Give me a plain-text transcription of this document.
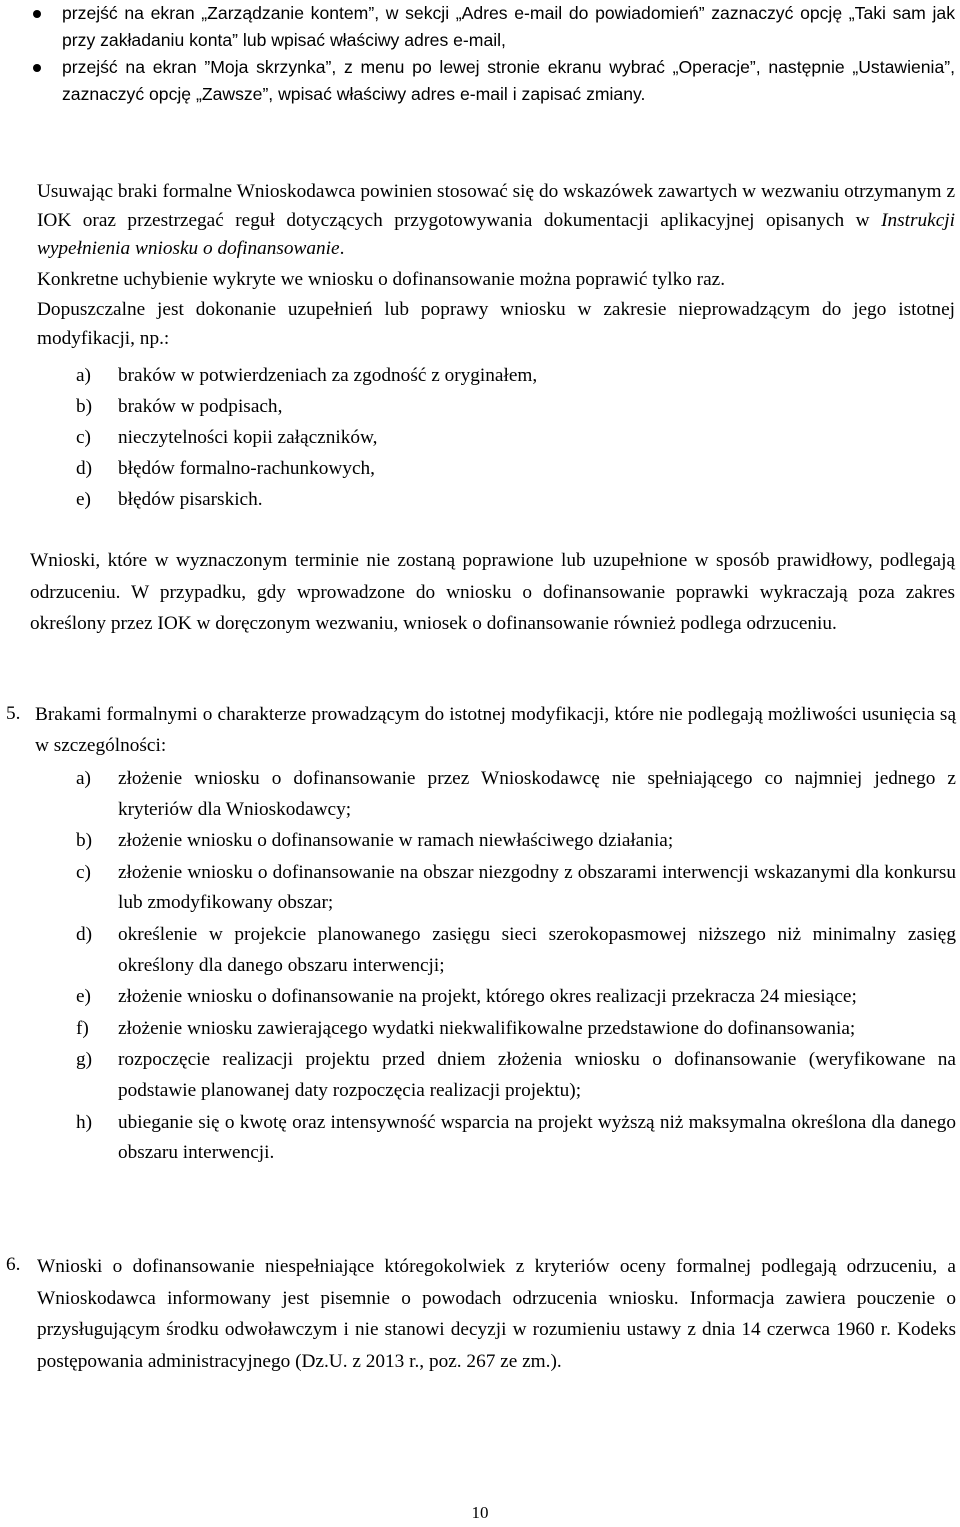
przejść na ekran „Zarządzanie kontem”, w sekcji „Adres e-mail do powiadomień” zaznaczyć opcję „Taki sam jak przy zakładaniu konta” lub wpisać właściwy adres e-mail,
przejść na ekran ”Moja skrzynka”, z menu po lewej stronie ekranu wybrać „Operacje”, następnie „Ustawienia”, zaznaczyć opcję „Zawsze”, wpisać właściwy adres e-mail i zapisać zmiany.
Usuwając braki formalne Wnioskodawca powinien stosować się do wskazówek zawartych w wezwaniu otrzymanym z IOK oraz przestrzegać reguł dotyczących przygotowywania dokumentacji aplikacyjnej opisanych w Instrukcji wypełnienia wniosku o dofinansowanie.
Konkretne uchybienie wykryte we wniosku o dofinansowanie można poprawić tylko raz.
Dopuszczalne jest dokonanie uzupełnień lub poprawy wniosku w zakresie nieprowadzącym do jego istotnej modyfikacji, np.:
a) braków w potwierdzeniach za zgodność z oryginałem,
b) braków w podpisach,
c) nieczytelności kopii załączników,
d) błędów formalno-rachunkowych,
e) błędów pisarskich.
Wnioski, które w wyznaczonym terminie nie zostaną poprawione lub uzupełnione w sposób prawidłowy, podlegają odrzuceniu. W przypadku, gdy wprowadzone do wniosku o dofinansowanie poprawki wykraczają poza zakres określony przez IOK w doręczonym wezwaniu, wniosek o dofinansowanie również podlega odrzuceniu.
5. Brakami formalnymi o charakterze prowadzącym do istotnej modyfikacji, które nie podlegają możliwości usunięcia są w szczególności:
a) złożenie wniosku o dofinansowanie przez Wnioskodawcę nie spełniającego co najmniej jednego z kryteriów dla Wnioskodawcy;
b) złożenie wniosku o dofinansowanie w ramach niewłaściwego działania;
c) złożenie wniosku o dofinansowanie na obszar niezgodny z obszarami interwencji wskazanymi dla konkursu lub zmodyfikowany obszar;
d) określenie w projekcie planowanego zasięgu sieci szerokopasmowej niższego niż minimalny zasięg określony dla danego obszaru interwencji;
e) złożenie wniosku o dofinansowanie na projekt, którego okres realizacji przekracza 24 miesiące;
f) złożenie wniosku zawierającego wydatki niekwalifikowalne przedstawione do dofinansowania;
g) rozpoczęcie realizacji projektu przed dniem złożenia wniosku o dofinansowanie (weryfikowane na podstawie planowanej daty rozpoczęcia realizacji projektu);
h) ubieganie się o kwotę oraz intensywność wsparcia na projekt wyższą niż maksymalna określona dla danego obszaru interwencji.
6. Wnioski o dofinansowanie niespełniające któregokolwiek z kryteriów oceny formalnej podlegają odrzuceniu, a Wnioskodawca informowany jest pisemnie o powodach odrzucenia wniosku. Informacja zawiera pouczenie o przysługującym środku odwoławczym i nie stanowi decyzji w rozumieniu ustawy z dnia 14 czerwca 1960 r. Kodeks postępowania administracyjnego (Dz.U. z 2013 r., poz. 267 ze zm.).
10
